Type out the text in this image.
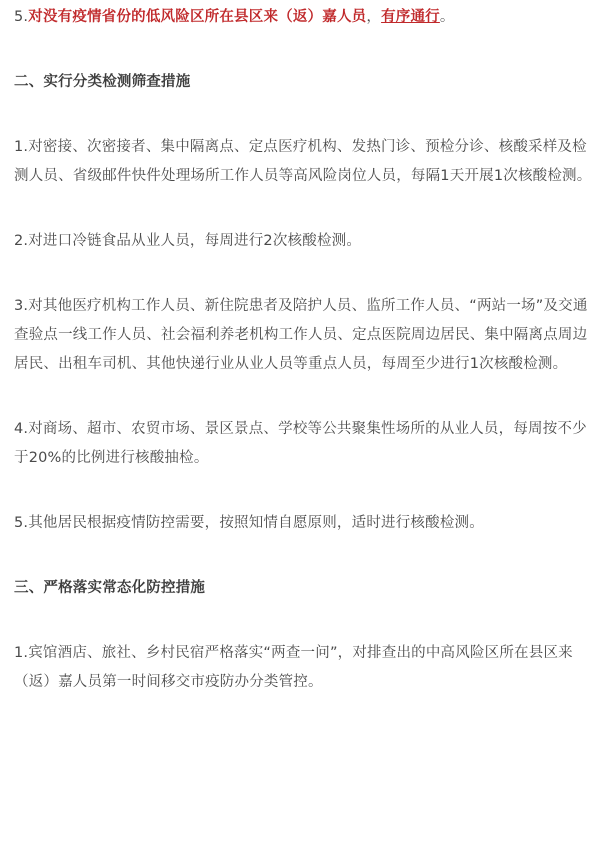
5.对没有疫情省份的低风险区所在县区来（返）嘉人员，有序通行。

二、实行分类检测筛查措施

1.对密接、次密接者、集中隔离点、定点医疗机构、发热门诊、预检分诊、核酸采样及检测人员、省级邮件快件处理场所工作人员等高风险岗位人员，每隔1天开展1次核酸检测。

2.对进口冷链食品从业人员，每周进行2次核酸检测。

3.对其他医疗机构工作人员、新住院患者及陪护人员、监所工作人员、“两站一场”及交通查验点一线工作人员、社会福利养老机构工作人员、定点医院周边居民、集中隔离点周边居民、出租车司机、其他快递行业从业人员等重点人员，每周至少进行1次核酸检测。

4.对商场、超市、农贸市场、景区景点、学校等公共聚集性场所的从业人员，每周按不少于20%的比例进行核酸抽检。

5.其他居民根据疫情防控需要，按照知情自愿原则，适时进行核酸检测。

三、严格落实常态化防控措施

1.宾馆酒店、旅社、乡村民宿严格落实“两查一问”，对排查出的中高风险区所在县区来（返）嘉人员第一时间移交市疫防办分类管控。
